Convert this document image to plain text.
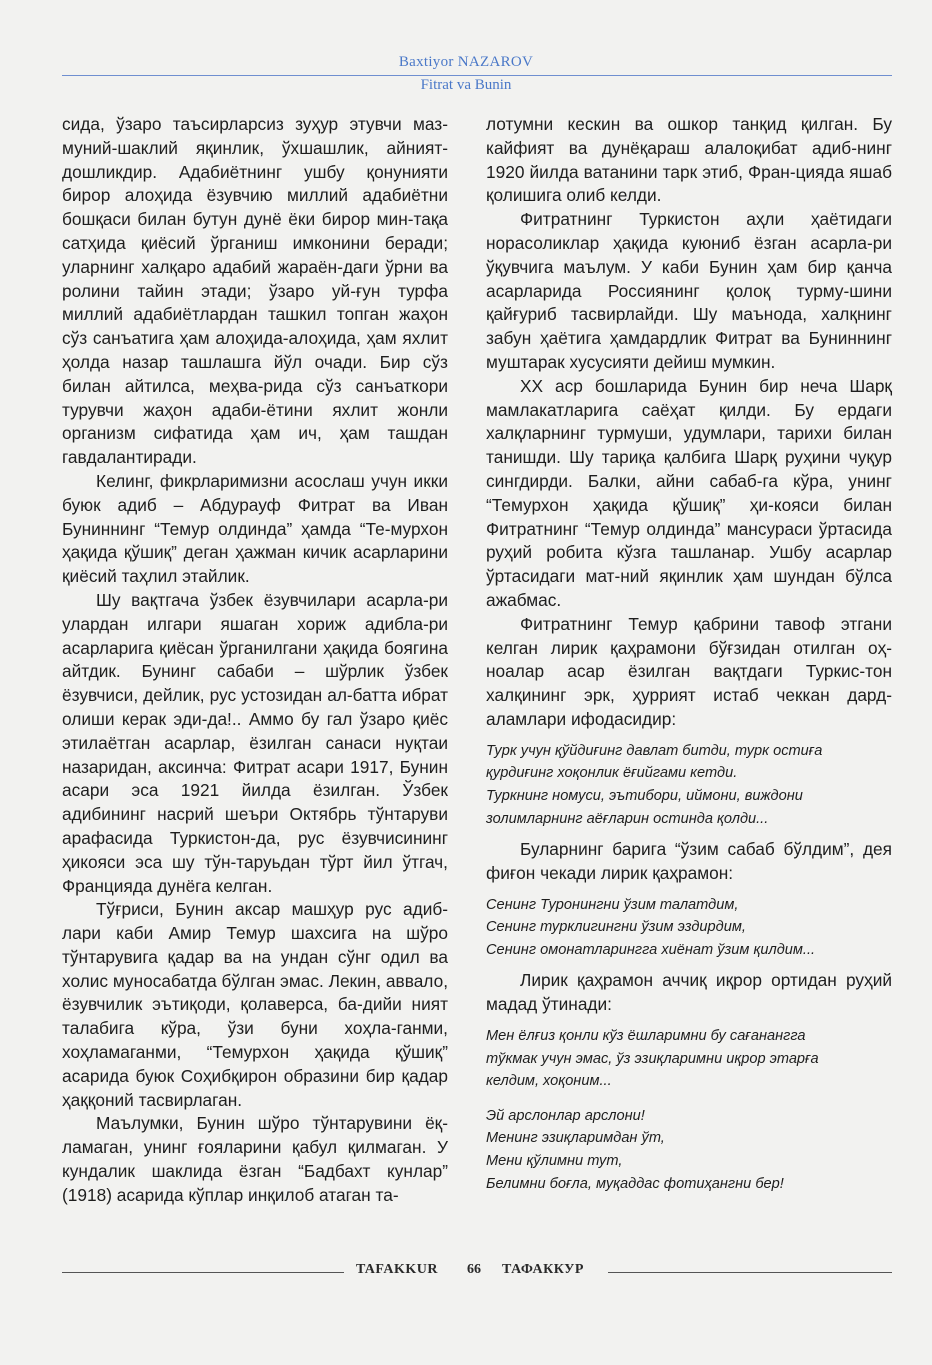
Baxtiyor NAZAROV
Fitrat va Bunin

сида, ўзаро таъсирларсиз зуҳур этувчи маз-муний-шаклий яқинлик, ўхшашлик, айният-дошликдир. Адабиётнинг ушбу қонунияти бирор алоҳида ёзувчию миллий адабиётни бошқаси билан бутун дунё ёки бирор мин-тақа сатҳида қиёсий ўрганиш имконини беради; уларнинг халқаро адабий жараён-даги ўрни ва ролини тайин этади; ўзаро уй-ғун турфа миллий адабиётлардан ташкил топган жаҳон сўз санъатига ҳам алоҳида-алоҳида, ҳам яхлит ҳолда назар ташлашга йўл очади. Бир сўз билан айтилса, меҳва-рида сўз санъаткори турувчи жаҳон адаби-ётини яхлит жонли организм сифатида ҳам ич, ҳам ташдан гавдалантиради.

Келинг, фикрларимизни асослаш учун икки буюк адиб – Абдурауф Фитрат ва Иван Буниннинг “Темур олдинда” ҳамда “Те-мурхон ҳақида қўшиқ” деган ҳажман кичик асарларини қиёсий таҳлил этайлик.

Шу вақтгача ўзбек ёзувчилари асарла-ри улардан илгари яшаган хориж адибла-ри асарларига қиёсан ўрганилгани ҳақида боягина айтдик. Бунинг сабаби – шўрлик ўзбек ёзувчиси, дейлик, рус устозидан ал-батта ибрат олиши керак эди-да!.. Аммо бу гал ўзаро қиёс этилаётган асарлар, ёзилган санаси нуқтаи назаридан, аксинча: Фитрат асари 1917, Бунин асари эса 1921 йилда ёзилган. Ўзбек адибининг насрий шеъри Октябрь тўнтаруви арафасида Туркистон-да, рус ёзувчисининг ҳикояси эса шу тўн-таруьдан тўрт йил ўтгач, Францияда дунёга келган.

Тўғриси, Бунин аксар машҳур рус адиб-лари каби Амир Темур шахсига на шўро тўнтарувига қадар ва на ундан сўнг одил ва холис муносабатда бўлган эмас. Лекин, аввало, ёзувчилик эътиқоди, қолаверса, ба-дийи ният талабига кўра, ўзи буни хоҳла-ганми, хоҳламаганми, “Темурхон ҳақида қўшиқ” асарида буюк Соҳибқирон образини бир қадар ҳаққоний тасвирлаган.

Маълумки, Бунин шўро тўнтарувини ёқ-ламаган, унинг ғояларини қабул қилмаган. У кундалик шаклида ёзган “Бадбахт кунлар” (1918) асарида кўплар инқилоб атаган та-

лотумни кескин ва ошкор танқид қилган. Бу кайфият ва дунёқараш алалоқибат адиб-нинг 1920 йилда ватанини тарк этиб, Фран-цияда яшаб қолишига олиб келди.

Фитратнинг Туркистон аҳли ҳаётидаги норасоликлар ҳақида куюниб ёзган асарла-ри ўқувчига маълум. У каби Бунин ҳам бир қанча асарларида Россиянинг қолоқ турму-шини қайғуриб тасвирлайди. Шу маънода, халқнинг забун ҳаётига ҳамдардлик Фитрат ва Буниннинг муштарак хусусияти дейиш мумкин.

XX аср бошларида Бунин бир неча Шарқ мамлакатларига саёҳат қилди. Бу ердаги халқларнинг турмуши, удумлари, тарихи билан танишди. Шу тариқа қалбига Шарқ руҳини чуқур сингдирди. Балки, айни сабаб-га кўра, унинг “Темурхон ҳақида қўшиқ” ҳи-кояси билан Фитратнинг “Темур олдинда” мансураси ўртасида руҳий робита кўзга ташланар. Ушбу асарлар ўртасидаги мат-ний яқинлик ҳам шундан бўлса ажабмас.

Фитратнинг Темур қабрини тавоф этгани келган лирик қаҳрамони бўғзидан отилган оҳ-ноалар асар ёзилган вақтдаги Туркис-тон халқининг эрк, ҳуррият истаб чеккан дард-аламлари ифодасидир:

Турк учун қўйдиғинг давлат битди, турк остиға
қурдиғинг хоқонлик ёғийгами кетди.
Туркнинг номуси, эътибори, иймони, виждони
золимларнинг аёғларин остинда қолди...

Буларнинг барига “ўзим сабаб бўлдим”, дея фиғон чекади лирик қаҳрамон:

Сенинг Туронингни ўзим талатдим,
Сенинг турклигингни ўзим эздирдим,
Сенинг омонатларингга хиёнат ўзим қилдим...

Лирик қаҳрамон аччиқ иқрор ортидан руҳий мадад ўтинади:

Мен ёлғиз қонли кўз ёшларимни бу сағанангга
тўкмак учун эмас, ўз эзиқларимни иқрор этарға
келдим, хоқоним...
Эй арслонлар арслони!
Менинг эзиқларимдан ўт,
Мени қўлимни тут,
Белимни боғла, муқаддас фотиҳангни бер!
TAFAKKUR 66 ТАФАККУР
